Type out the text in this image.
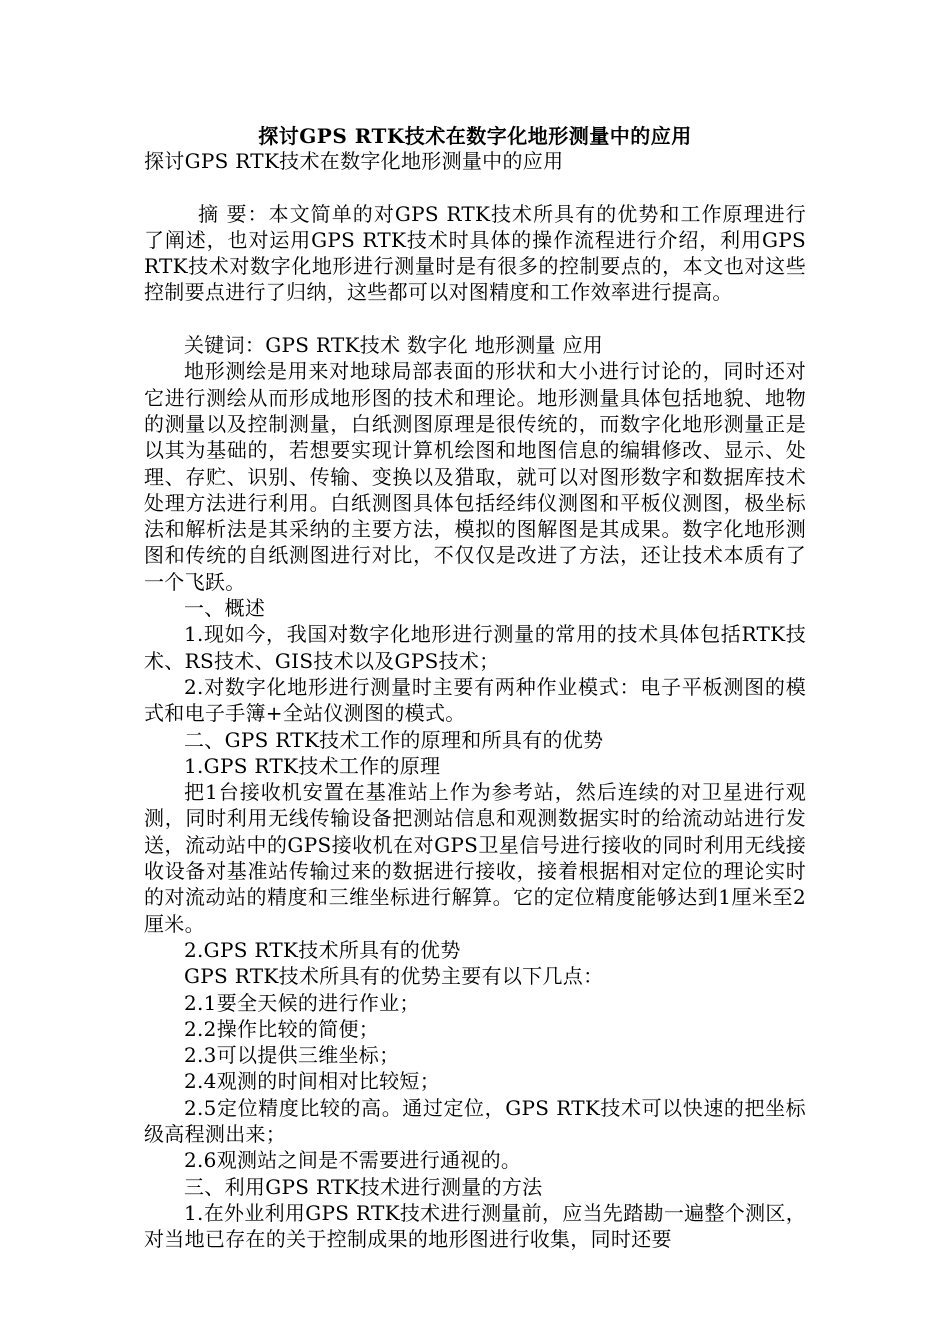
探讨GPS RTK技术在数字化地形测量中的应用

探讨GPS RTK技术在数字化地形测量中的应用

摘 要：本文简单的对GPS RTK技术所具有的优势和工作原理进行了阐述，也对运用GPS RTK技术时具体的操作流程进行介绍，利用GPS RTK技术对数字化地形进行测量时是有很多的控制要点的，本文也对这些控制要点进行了归纳，这些都可以对图精度和工作效率进行提高。

关键词：GPS RTK技术 数字化 地形测量 应用

地形测绘是用来对地球局部表面的形状和大小进行讨论的，同时还对它进行测绘从而形成地形图的技术和理论。地形测量具体包括地貌、地物的测量以及控制测量，白纸测图原理是很传统的，而数字化地形测量正是以其为基础的，若想要实现计算机绘图和地图信息的编辑修改、显示、处理、存贮、识别、传输、变换以及猎取，就可以对图形数字和数据库技术处理方法进行利用。白纸测图具体包括经纬仪测图和平板仪测图，极坐标法和解析法是其采纳的主要方法，模拟的图解图是其成果。数字化地形测图和传统的自纸测图进行对比，不仅仅是改进了方法，还让技术本质有了一个飞跃。

一、概述

1.现如今，我国对数字化地形进行测量的常用的技术具体包括RTK技术、RS技术、GIS技术以及GPS技术；

2.对数字化地形进行测量时主要有两种作业模式：电子平板测图的模式和电子手簿+全站仪测图的模式。

二、GPS RTK技术工作的原理和所具有的优势

1.GPS RTK技术工作的原理

把1台接收机安置在基准站上作为参考站，然后连续的对卫星进行观测，同时利用无线传输设备把测站信息和观测数据实时的给流动站进行发送，流动站中的GPS接收机在对GPS卫星信号进行接收的同时利用无线接收设备对基准站传输过来的数据进行接收，接着根据相对定位的理论实时的对流动站的精度和三维坐标进行解算。它的定位精度能够达到1厘米至2厘米。

2.GPS RTK技术所具有的优势

GPS RTK技术所具有的优势主要有以下几点：

2.1要全天候的进行作业；

2.2操作比较的简便；

2.3可以提供三维坐标；

2.4观测的时间相对比较短；

2.5定位精度比较的高。通过定位，GPS RTK技术可以快速的把坐标级高程测出来；

2.6观测站之间是不需要进行通视的。

三、利用GPS RTK技术进行测量的方法

1.在外业利用GPS RTK技术进行测量前，应当先踏勘一遍整个测区，对当地已存在的关于控制成果的地形图进行收集，同时还要
